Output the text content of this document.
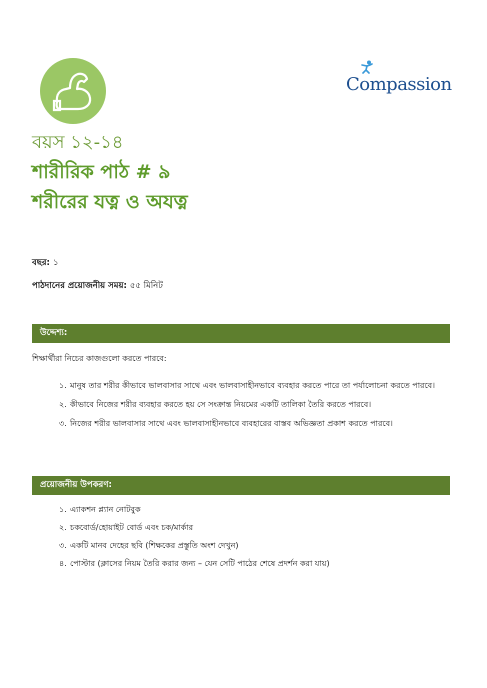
Compassion
বয়স ১২-১৪
শারীরিক পাঠ # ৯
শরীরের যত্ন ও অযত্ন
বছর: ১
পাঠদানের প্রয়োজনীয় সময়: ৫৫ মিনিট
উদ্দেশ্য:
শিক্ষার্থীরা নিচের কাজগুলো করতে পারবে:
১. মানুষ তার শরীর কীভাবে ভালবাসার সাথে এবং ভালবাসাহীনভাবে ব্যবহার করতে পারে তা পর্যালোচনা করতে পারবে।
২. কীভাবে নিজের শরীর ব্যবহার করতে হয় সে সংক্রান্ত নিয়মের একটি তালিকা তৈরি করতে পারবে।
৩. নিজের শরীর ভালবাসার সাথে এবং ভালবাসাহীনভাবে ব্যবহারের বাস্তব অভিজ্ঞতা প্রকাশ করতে পারবে।
প্রয়োজনীয় উপকরণ:
১. এ্যাকশন প্ল্যান নোটবুক
২. চকবোর্ড/হোয়াইট বোর্ড এবং চক/মার্কার
৩. একটি মানব দেহের ছবি (শিক্ষকের প্রস্তুতি অংশ দেখুন)
৪. পোস্টার (ক্লাসের নিয়ম তৈরি করার জন্য – যেন সেটি পাঠের শেষে প্রদর্শন করা যায়)
